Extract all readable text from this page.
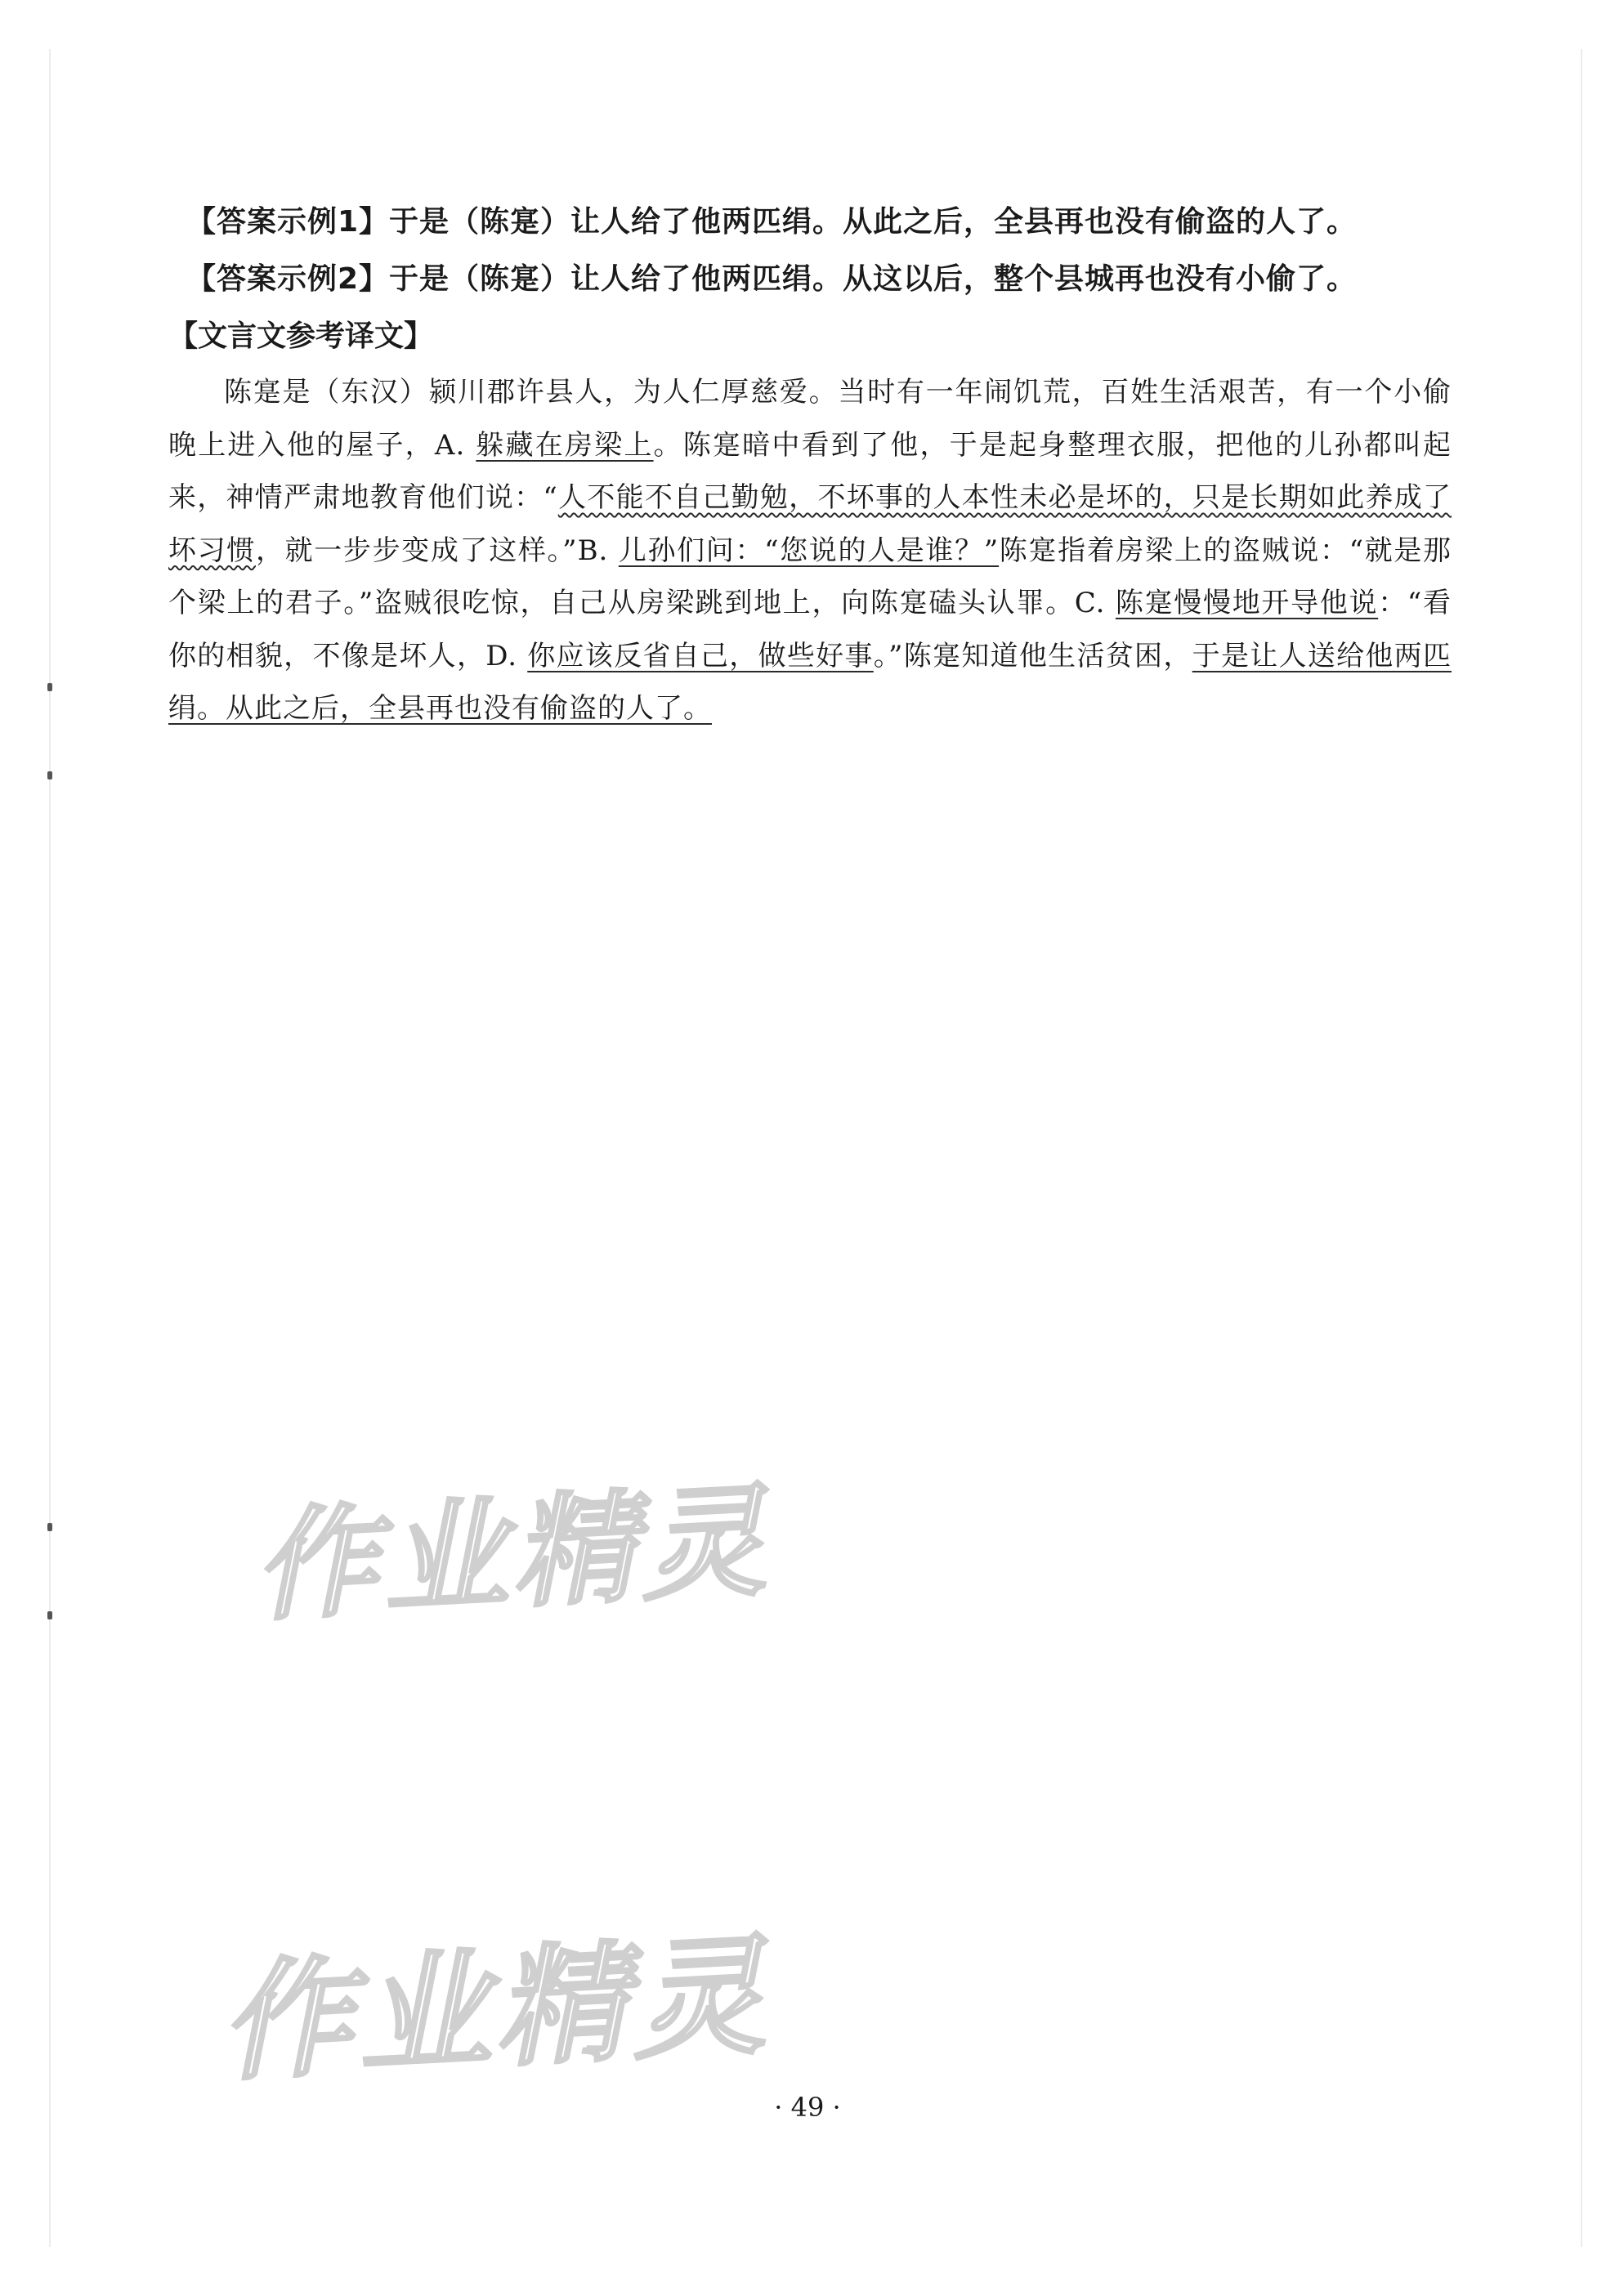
【答案示例1】于是（陈寔）让人给了他两匹绢。从此之后，全县再也没有偷盗的人了。
【答案示例2】于是（陈寔）让人给了他两匹绢。从这以后，整个县城再也没有小偷了。
【文言文参考译文】

陈寔是（东汉）颍川郡许县人，为人仁厚慈爱。当时有一年闹饥荒，百姓生活艰苦，有一个小偷晚上进入他的屋子，A. 躲藏在房梁上。陈寔暗中看到了他，于是起身整理衣服，把他的儿孙都叫起来，神情严肃地教育他们说：“人不能不自己勤勉，不坏事的人本性未必是坏的，只是长期如此养成了坏习惯，就一步步变成了这样。”B. 儿孙们问：“您说的人是谁？”陈寔指着房梁上的盗贼说：“就是那个梁上的君子。”盗贼很吃惊，自己从房梁跳到地上，向陈寔磕头认罪。C. 陈寔慢慢地开导他说：“看你的相貌，不像是坏人，D. 你应该反省自己，做些好事。”陈寔知道他生活贫困，于是让人送给他两匹绢。从此之后，全县再也没有偷盗的人了。

作业精灵
作业精灵
· 49 ·
